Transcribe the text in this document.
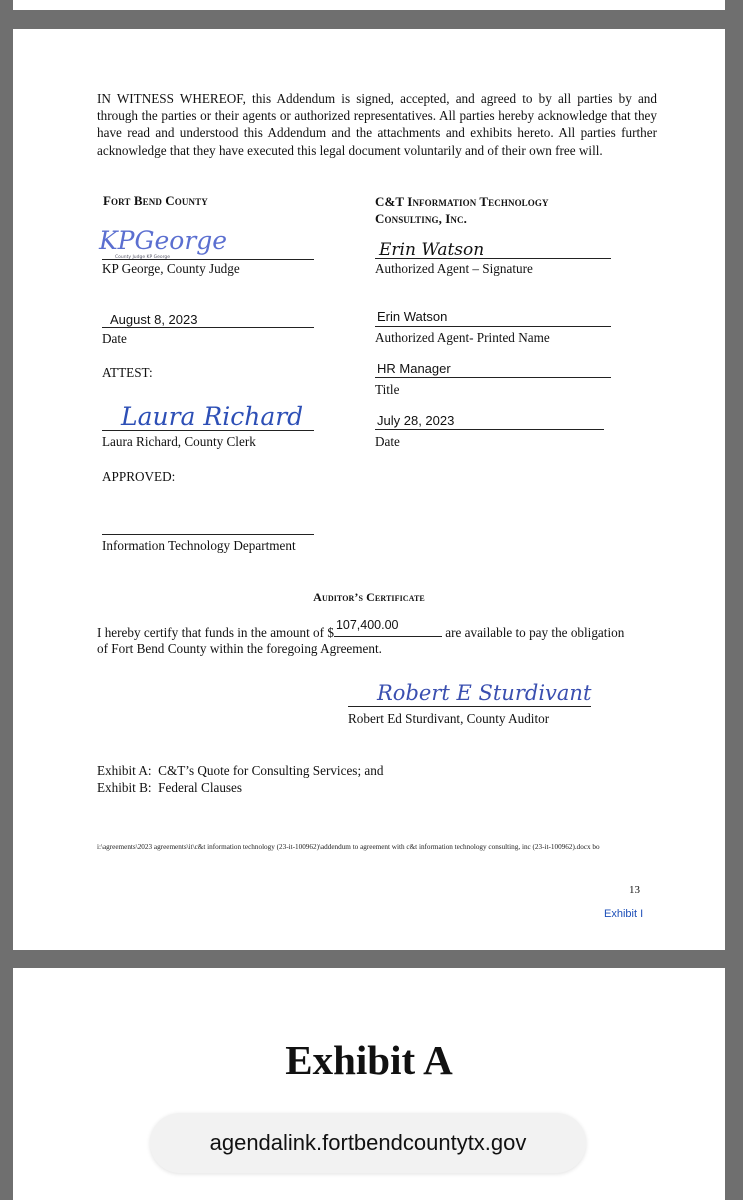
IN WITNESS WHEREOF, this Addendum is signed, accepted, and agreed to by all parties by and through the parties or their agents or authorized representatives. All parties hereby acknowledge that they have read and understood this Addendum and the attachments and exhibits hereto. All parties further acknowledge that they have executed this legal document voluntarily and of their own free will.
Fort Bend County
KPGeorge
County Judge KP George
KP George, County Judge
August 8, 2023
Date
ATTEST:
Laura Richard
Laura Richard, County Clerk
APPROVED:
Information Technology Department
C&T Information Technology
Consulting, Inc.
Erin Watson
Authorized Agent – Signature
Erin Watson
Authorized Agent- Printed Name
HR Manager
Title
July 28, 2023
Date
Auditor’s Certificate
I hereby certify that funds in the amount of $ 107,400.00	are available to pay the obligation
of Fort Bend County within the foregoing Agreement.
Robert E Sturdivant
Robert Ed Sturdivant, County Auditor
Exhibit A:  C&T’s Quote for Consulting Services; and
Exhibit B:  Federal Clauses
i:\agreements\2023 agreements\it\c&t information technology (23-it-100962)\addendum to agreement with c&t information technology consulting, inc (23-it-100962).docx bo
13
Exhibit I
Exhibit A
agendalink.fortbendcountytx.gov
